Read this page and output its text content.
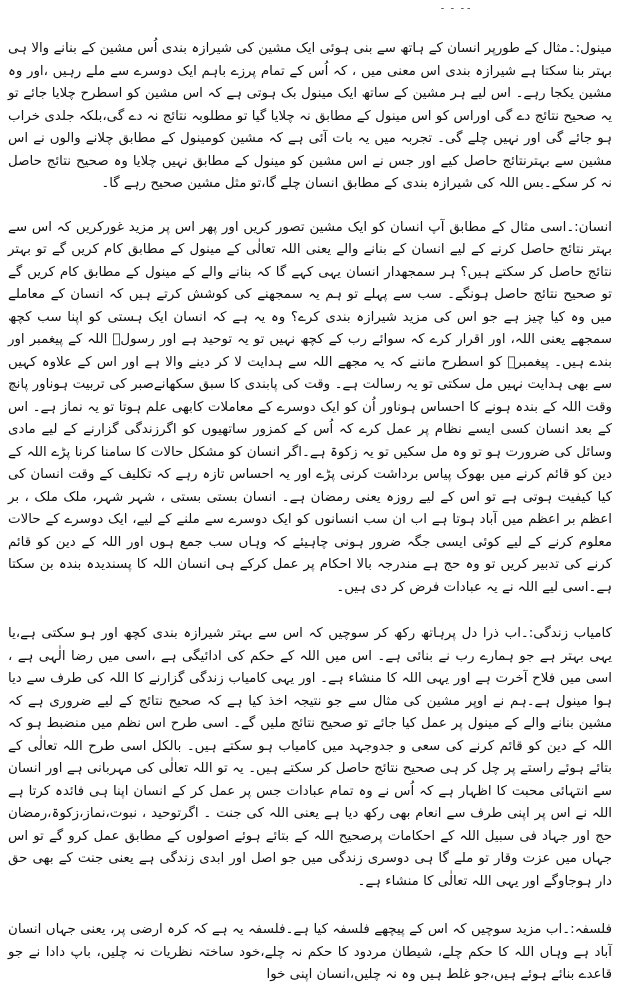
۔۔ ۔ ۔

مینول:۔مثال کے طورپر انسان کے ہاتھ سے بنی ہوئی ایک مشین کی شیرازہ بندی اُس مشین کے بنانے والا ہی بہتر بنا سکتا ہے شیرازہ بندی اس معنی میں ، کہ اُس کے تمام پرزے باہم ایک دوسرے سے ملے رہیں ،اور وہ مشین یکجا رہے۔ اس لیے ہر مشین کے ساتھ ایک مینول بک ہوتی ہے کہ اس مشین کو اسطرح چلایا جائے تو یہ صحیح نتائج دے گی اوراس کو اس مینول کے مطابق نہ چلایا گیا تو مطلوبہ نتائج نہ دے گی،بلکہ جلدی خراب ہو جائے گی اور نہیں چلے گی۔ تجربہ میں یہ بات آئی ہے کہ مشین کومینول کے مطابق چلانے والوں نے اس مشین سے بہترنتائج حاصل کیے اور جس نے اس مشین کو مینول کے مطابق نہیں چلایا وہ صحیح نتائج حاصل نہ کر سکے۔بس اللہ کی شیرازہ بندی کے مطابق انسان چلے گا،تو مثل مشین صحیح رہے گا۔

انسان:۔اسی مثال کے مطابق آپ انسان کو ایک مشین تصور کریں اور پھر اس پر مزید غورکریں کہ اس سے بہتر نتائج حاصل کرنے کے لیے انسان کے بنانے والے یعنی اللہ تعالٰی کے مینول کے مطابق کام کریں گے تو بہتر نتائج حاصل کر سکتے ہیں؟ ہر سمجھدار انسان یہی کہے گا کہ بنانے والے کے مینول کے مطابق کام کریں گے تو صحیح نتائج حاصل ہونگے۔ سب سے پہلے تو ہم یہ سمجھنے کی کوشش کرتے ہیں کہ انسان کے معاملے میں وہ کیا چیز ہے جو اس کی مزید شیرازہ بندی کرے؟ وہ یہ ہے کہ انسان ایک ہستی کو اپنا سب کچھ سمجھے یعنی اللہ، اور اقرار کرے کہ سوائے رب کے کچھ نہیں تو یہ توحید ہے اور رسولؐ اللہ کے پیغمبر اور بندے ہیں۔ پیغمبرؐ کو اسطرح ماننے کہ یہ مجھے اللہ سے ہدایت لا کر دینے والا ہے اور اس کے علاوہ کہیں سے بھی ہدایت نہیں مل سکتی تو یہ رسالت ہے۔ وقت کی پابندی کا سبق سکھانےصبر کی تربیت ہوناور پانچ وقت اللہ کے بندہ ہونے کا احساس ہوناور اُن کو ایک دوسرے کے معاملات کابھی علم ہوتا تو یہ نماز ہے۔ اس کے بعد انسان کسی ایسے نظام پر عمل کرے کہ اُس کے کمزور ساتھیوں کو اگرزندگی گزارنے کے لیے مادی وسائل کی ضرورت ہو تو وہ مل سکیں تو یہ زکوۃ ہے۔اگر انسان کو مشکل حالات کا سامنا کرنا پڑے اللہ کے دین کو قائم کرنے میں بھوک پیاس برداشت کرنی پڑے اور یہ احساس تازہ رہے کہ تکلیف کے وقت انسان کی کیا کیفیت ہوتی ہے تو اس کے لیے روزہ یعنی رمضان ہے۔ انسان بستی بستی ، شہر شہر، ملک ملک ، بر اعظم بر اعظم میں آباد ہوتا ہے اب ان سب انسانوں کو ایک دوسرے سے ملنے کے لیے، ایک دوسرے کے حالات معلوم کرنے کے لیے کوئی ایسی جگہ ضرور ہونی چاہیئے کہ وہاں سب جمع ہوں اور اللہ کے دین کو قائم کرنے کی تدبیر کریں تو وہ حج ہے مندرجہ بالا احکام پر عمل کرکے ہی انسان اللہ کا پسندیدہ بندہ بن سکتا ہے۔اسی لیے اللہ نے یہ عبادات فرض کر دی ہیں۔

کامیاب زندگی:۔اب ذرا دل پرہاتھ رکھ کر سوچیں کہ اس سے بہتر شیرازہ بندی کچھ اور ہو سکتی ہے،یا یہی بہتر ہے جو ہمارے رب نے بنائی ہے۔ اس میں اللہ کے حکم کی ادائیگی ہے ،اسی میں رضا الٰہی ہے ، اسی میں فلاح آخرت ہے اور یہی اللہ کا منشاء ہے۔ اور یہی کامیاب زندگی گزارنے کا اللہ کی طرف سے دیا ہوا مینول ہے۔ہم نے اوپر مشین کی مثال سے جو نتیجہ اخذ کیا ہے کہ صحیح نتائج کے لیے ضروری ہے کہ مشین بنانے والے کے مینول پر عمل کیا جائے تو صحیح نتائج ملیں گے۔ اسی طرح اس نظم میں منضبط ہو کہ اللہ کے دین کو قائم کرنے کی سعی و جدوجہد میں کامیاب ہو سکتے ہیں۔ بالکل اسی طرح اللہ تعالٰی کے بتائے ہوئے راستے پر چل کر ہی صحیح نتائج حاصل کر سکتے ہیں۔ یہ تو اللہ تعالٰی کی مہربانی ہے اور انسان سے انتہائی محبت کا اظہار ہے کہ اُس نے وہ تمام عبادات جس پر عمل کر کے انسان اپنا ہی فائدہ کرتا ہے اللہ نے اس پر اپنی طرف سے انعام بھی رکھ دیا ہے یعنی اللہ کی جنت ۔ اگرتوحید ، نبوت،نماز،زکوۃ،رمضان حج اور جہاد فی سبیل اللہ کے احکامات پرصحیح اللہ کے بتائے ہوئے اصولوں کے مطابق عمل کرو گے تو اس جہاں میں عزت وقار تو ملے گا ہی دوسری زندگی میں جو اصل اور ابدی زندگی ہے یعنی جنت کے بھی حق دار ہوجاوگے اور یہی اللہ تعالٰی کا منشاء ہے۔

فلسفہ:۔اب مزید سوچیں کہ اس کے پیچھے فلسفہ کیا ہے۔فلسفہ یہ ہے کہ کرہ ارضی پر، یعنی جہاں انسان آباد ہے وہاں اللہ کا حکم چلے، شیطان مردود کا حکم نہ چلے،خود ساختہ نظریات نہ چلیں، باپ دادا نے جو قاعدے بنائے ہوئے ہیں،جو غلط ہیں وہ نہ چلیں،انسان اپنی خوا
